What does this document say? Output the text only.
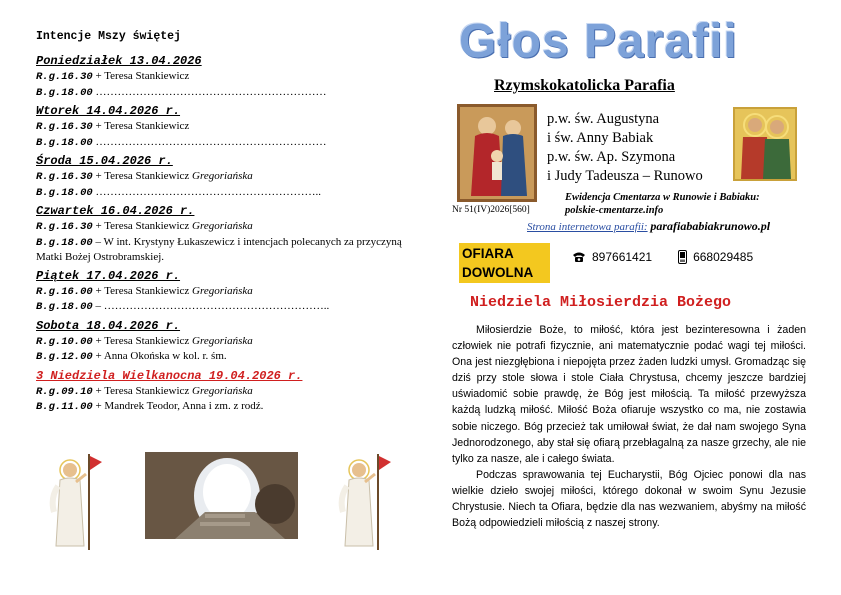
Intencje Mszy świętej
Poniedziałek 13.04.2026
R.g.16.30 + Teresa Stankiewicz
B.g.18.00 ………………………………………………………
Wtorek 14.04.2026 r.
R.g.16.30 + Teresa Stankiewicz
B.g.18.00 ………………………………………………………
Środa 15.04.2026 r.
R.g.16.30 + Teresa Stankiewicz Gregoriańska
B.g.18.00 ……………………………………………………..
Czwartek 16.04.2026 r.
R.g.16.30 + Teresa Stankiewicz Gregoriańska
B.g.18.00 – W int. Krystyny Łukaszewicz i intencjach polecanych za przyczyną Matki Bożej Ostrobramskiej.
Piątek 17.04.2026 r.
R.g.16.00 + Teresa Stankiewicz Gregoriańska
B.g.18.00 – ……………………………………………………..
Sobota 18.04.2026 r.
R.g.10.00 + Teresa Stankiewicz Gregoriańska
B.g.12.00 + Anna Okońska w kol. r. śm.
3 Niedziela Wielkanocna 19.04.2026 r.
R.g.09.10 + Teresa Stankiewicz Gregoriańska
B.g.11.00 + Mandrek Teodor, Anna i zm. z rodź.
Głos Parafii
Rzymskokatolicka Parafia
p.w. św. Augustyna
i św. Anny Babiak
p.w. św. Ap. Szymona
i Judy Tadeusza – Runowo
Nr 51(IV)2026[560]
Ewidencja Cmentarza w Runowie i Babiaku:
polskie-cmentarze.info
Strona internetowa parafii: parafiababiakrunowo.pl
OFIARA
DOWOLNA
897661421	668029485
Niedziela Miłosierdzia Bożego

Miłosierdzie Boże, to miłość, która jest bezinteresowna i żaden człowiek nie potrafi fizycznie, ani matematycznie podać wagi tej miłości. Ona jest niezgłębiona i niepojęta przez żaden ludzki umysł. Gromadząc się dziś przy stole słowa i stole Ciała Chrystusa, chcemy jeszcze bardziej uświadomić sobie prawdę, że Bóg jest miłością. Ta miłość przewyższa każdą ludzką miłość. Miłość Boża ofiaruje wszystko co ma, nie zostawia sobie niczego. Bóg przecież tak umiłował świat, że dał nam swojego Syna Jednorodzonego, aby stał się ofiarą przebłagalną za nasze grzechy, ale nie tylko za nasze, ale i całego świata.

Podczas sprawowania tej Eucharystii, Bóg Ojciec ponowi dla nas wielkie dzieło swojej miłości, którego dokonał w swoim Synu Jezusie Chrystusie. Niech ta Ofiara, będzie dla nas wezwaniem, abyśmy na miłość Bożą odpowiedzieli miłością z naszej strony.
